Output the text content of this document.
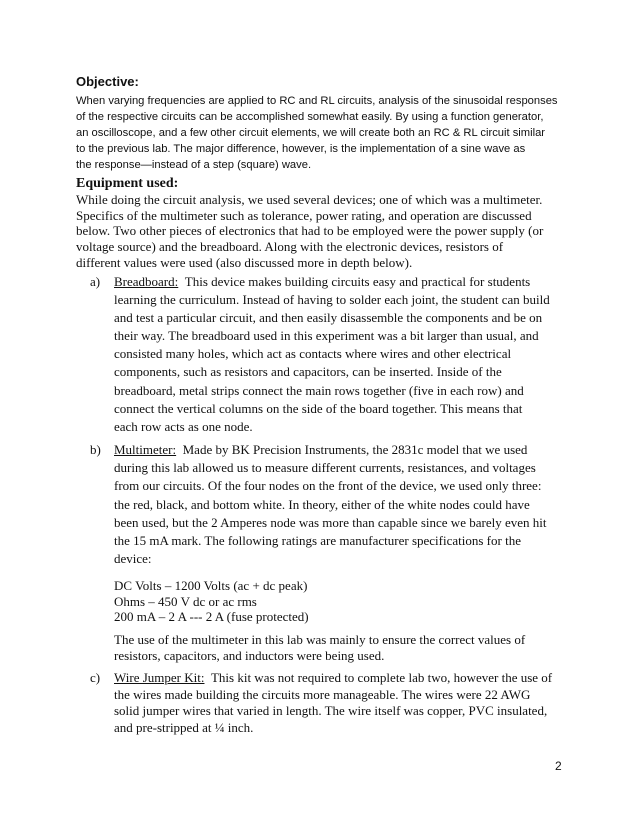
Objective:
When varying frequencies are applied to RC and RL circuits, analysis of the sinusoidal responses
of the respective circuits can be accomplished somewhat easily. By using a function generator,
an oscilloscope, and a few other circuit elements, we will create both an RC & RL circuit similar
to the previous lab. The major difference, however, is the implementation of a sine wave as
the response—instead of a step (square) wave.
Equipment used:
While doing the circuit analysis, we used several devices; one of which was a multimeter.
Specifics of the multimeter such as tolerance, power rating, and operation are discussed
below. Two other pieces of electronics that had to be employed were the power supply (or
voltage source) and the breadboard. Along with the electronic devices, resistors of
different values were used (also discussed more in depth below).
a) Breadboard: This device makes building circuits easy and practical for students
learning the curriculum. Instead of having to solder each joint, the student can build
and test a particular circuit, and then easily disassemble the components and be on
their way. The breadboard used in this experiment was a bit larger than usual, and
consisted many holes, which act as contacts where wires and other electrical
components, such as resistors and capacitors, can be inserted. Inside of the
breadboard, metal strips connect the main rows together (five in each row) and
connect the vertical columns on the side of the board together. This means that
each row acts as one node.
b) Multimeter: Made by BK Precision Instruments, the 2831c model that we used
during this lab allowed us to measure different currents, resistances, and voltages
from our circuits. Of the four nodes on the front of the device, we used only three:
the red, black, and bottom white. In theory, either of the white nodes could have
been used, but the 2 Amperes node was more than capable since we barely even hit
the 15 mA mark. The following ratings are manufacturer specifications for the
device:
DC Volts – 1200 Volts (ac + dc peak)
Ohms – 450 V dc or ac rms
200 mA – 2 A --- 2 A (fuse protected)
The use of the multimeter in this lab was mainly to ensure the correct values of
resistors, capacitors, and inductors were being used.
c) Wire Jumper Kit: This kit was not required to complete lab two, however the use of
the wires made building the circuits more manageable. The wires were 22 AWG
solid jumper wires that varied in length. The wire itself was copper, PVC insulated,
and pre-stripped at ¼ inch.
2
